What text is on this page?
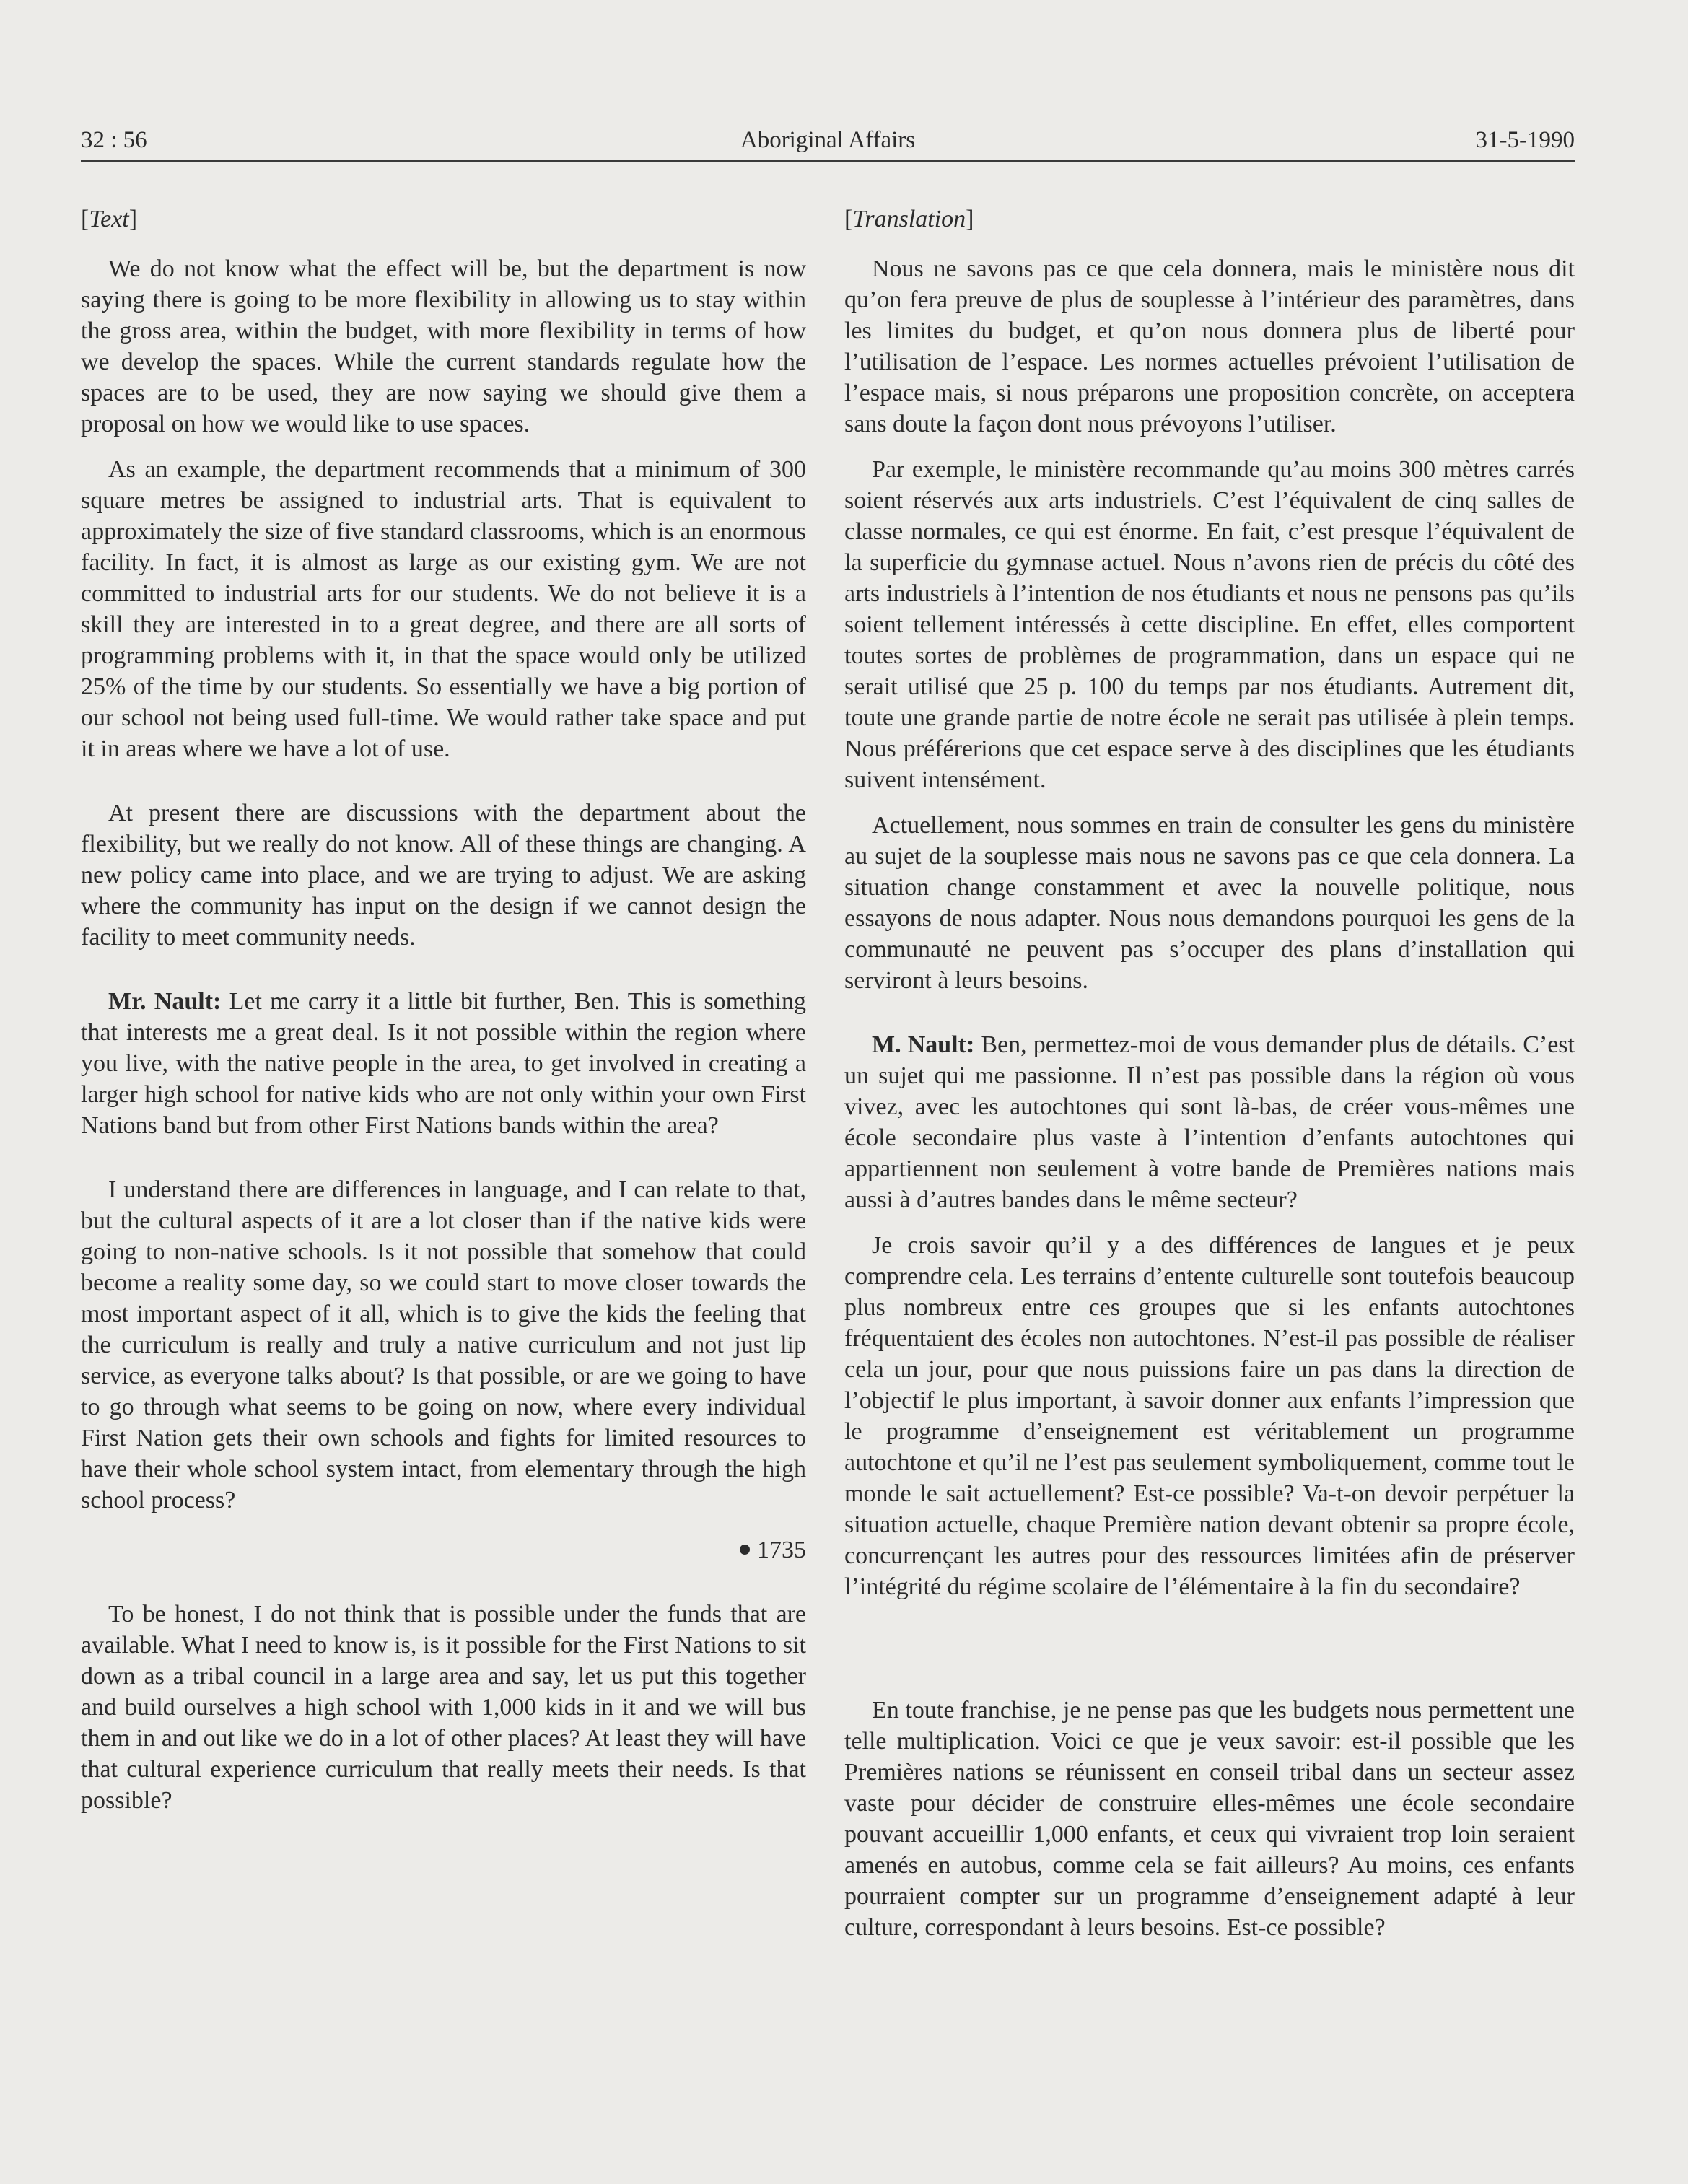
32 : 56	Aboriginal Affairs	31-5-1990
[Text]

We do not know what the effect will be, but the department is now saying there is going to be more flexibility in allowing us to stay within the gross area, within the budget, with more flexibility in terms of how we develop the spaces. While the current standards regulate how the spaces are to be used, they are now saying we should give them a proposal on how we would like to use spaces.

As an example, the department recommends that a minimum of 300 square metres be assigned to industrial arts. That is equivalent to approximately the size of five standard classrooms, which is an enormous facility. In fact, it is almost as large as our existing gym. We are not committed to industrial arts for our students. We do not believe it is a skill they are interested in to a great degree, and there are all sorts of programming problems with it, in that the space would only be utilized 25% of the time by our students. So essentially we have a big portion of our school not being used full-time. We would rather take space and put it in areas where we have a lot of use.

At present there are discussions with the department about the flexibility, but we really do not know. All of these things are changing. A new policy came into place, and we are trying to adjust. We are asking where the community has input on the design if we cannot design the facility to meet community needs.

Mr. Nault: Let me carry it a little bit further, Ben. This is something that interests me a great deal. Is it not possible within the region where you live, with the native people in the area, to get involved in creating a larger high school for native kids who are not only within your own First Nations band but from other First Nations bands within the area?

I understand there are differences in language, and I can relate to that, but the cultural aspects of it are a lot closer than if the native kids were going to non-native schools. Is it not possible that somehow that could become a reality some day, so we could start to move closer towards the most important aspect of it all, which is to give the kids the feeling that the curriculum is really and truly a native curriculum and not just lip service, as everyone talks about? Is that possible, or are we going to have to go through what seems to be going on now, where every individual First Nation gets their own schools and fights for limited resources to have their whole school system intact, from elementary through the high school process?

1735

To be honest, I do not think that is possible under the funds that are available. What I need to know is, is it possible for the First Nations to sit down as a tribal council in a large area and say, let us put this together and build ourselves a high school with 1,000 kids in it and we will bus them in and out like we do in a lot of other places? At least they will have that cultural experience curriculum that really meets their needs. Is that possible?

[Translation]

Nous ne savons pas ce que cela donnera, mais le ministère nous dit qu’on fera preuve de plus de souplesse à l’intérieur des paramètres, dans les limites du budget, et qu’on nous donnera plus de liberté pour l’utilisation de l’espace. Les normes actuelles prévoient l’utilisation de l’espace mais, si nous préparons une proposition concrète, on acceptera sans doute la façon dont nous prévoyons l’utiliser.

Par exemple, le ministère recommande qu’au moins 300 mètres carrés soient réservés aux arts industriels. C’est l’équivalent de cinq salles de classe normales, ce qui est énorme. En fait, c’est presque l’équivalent de la superficie du gymnase actuel. Nous n’avons rien de précis du côté des arts industriels à l’intention de nos étudiants et nous ne pensons pas qu’ils soient tellement intéressés à cette discipline. En effet, elles comportent toutes sortes de problèmes de programmation, dans un espace qui ne serait utilisé que 25 p. 100 du temps par nos étudiants. Autrement dit, toute une grande partie de notre école ne serait pas utilisée à plein temps. Nous préférerions que cet espace serve à des disciplines que les étudiants suivent intensément.

Actuellement, nous sommes en train de consulter les gens du ministère au sujet de la souplesse mais nous ne savons pas ce que cela donnera. La situation change constamment et avec la nouvelle politique, nous essayons de nous adapter. Nous nous demandons pourquoi les gens de la communauté ne peuvent pas s’occuper des plans d’installation qui serviront à leurs besoins.

M. Nault: Ben, permettez-moi de vous demander plus de détails. C’est un sujet qui me passionne. Il n’est pas possible dans la région où vous vivez, avec les autochtones qui sont là-bas, de créer vous-mêmes une école secondaire plus vaste à l’intention d’enfants autochtones qui appartiennent non seulement à votre bande de Premières nations mais aussi à d’autres bandes dans le même secteur?

Je crois savoir qu’il y a des différences de langues et je peux comprendre cela. Les terrains d’entente culturelle sont toutefois beaucoup plus nombreux entre ces groupes que si les enfants autochtones fréquentaient des écoles non autochtones. N’est-il pas possible de réaliser cela un jour, pour que nous puissions faire un pas dans la direction de l’objectif le plus important, à savoir donner aux enfants l’impression que le programme d’enseignement est véritablement un programme autochtone et qu’il ne l’est pas seulement symboliquement, comme tout le monde le sait actuellement? Est-ce possible? Va-t-on devoir perpétuer la situation actuelle, chaque Première nation devant obtenir sa propre école, concurrençant les autres pour des ressources limitées afin de préserver l’intégrité du régime scolaire de l’élémentaire à la fin du secondaire?

En toute franchise, je ne pense pas que les budgets nous permettent une telle multiplication. Voici ce que je veux savoir: est-il possible que les Premières nations se réunissent en conseil tribal dans un secteur assez vaste pour décider de construire elles-mêmes une école secondaire pouvant accueillir 1,000 enfants, et ceux qui vivraient trop loin seraient amenés en autobus, comme cela se fait ailleurs? Au moins, ces enfants pourraient compter sur un programme d’enseignement adapté à leur culture, correspondant à leurs besoins. Est-ce possible?
